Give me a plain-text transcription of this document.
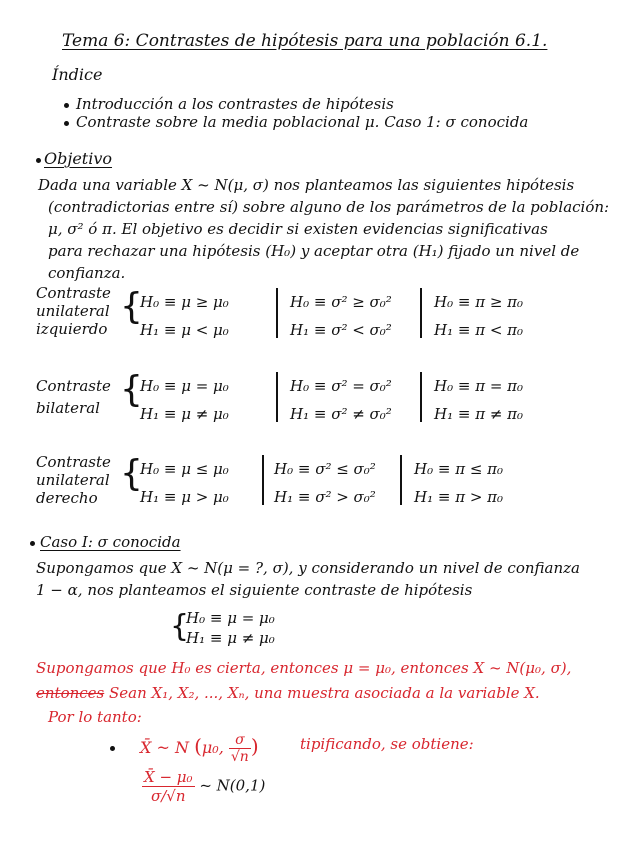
Tema 6: Contrastes de hipótesis para una población 6.1.
Índice
Introducción a los contrastes de hipótesis
Contraste sobre la media poblacional μ. Caso 1: σ conocida
Objetivo
Dada una variable X ~ N(μ, σ) nos planteamos las siguientes hipótesis
(contradictorias entre sí) sobre alguno de los parámetros de la población:
μ, σ² ó π. El objetivo es decidir si existen evidencias significativas
para rechazar una hipótesis (H₀) y aceptar otra (H₁) fijado un nivel de
confianza.
Contraste
unilateral
izquierdo
{
H₀ ≡ μ ≥ μ₀
H₁ ≡ μ < μ₀
H₀ ≡ σ² ≥ σ₀²
H₁ ≡ σ² < σ₀²
H₀ ≡ π ≥ π₀
H₁ ≡ π < π₀
Contraste
bilateral {
H₀ ≡ μ = μ₀
H₁ ≡ μ ≠ μ₀
H₀ ≡ σ² = σ₀²
H₁ ≡ σ² ≠ σ₀²
H₀ ≡ π = π₀
H₁ ≡ π ≠ π₀
Contraste
unilateral
derecho
{
H₀ ≡ μ ≤ μ₀
H₁ ≡ μ > μ₀
H₀ ≡ σ² ≤ σ₀²
H₁ ≡ σ² > σ₀²
H₀ ≡ π ≤ π₀
H₁ ≡ π > π₀
Caso I: σ conocida
Supongamos que X ~ N(μ = ?, σ), y considerando un nivel de confianza
1 − α, nos planteamos el siguiente contraste de hipótesis
{
H₀ ≡ μ = μ₀
H₁ ≡ μ ≠ μ₀
Supongamos que H₀ es cierta, entonces μ = μ₀, entonces X ~ N(μ₀, σ),
entonces Sean X₁, X₂, ..., Xₙ, una muestra asociada a la variable X.
Por lo tanto:
X̄ ~ N (μ₀, $\frac{\sigma}{√n}$ )	tipificando, se obtiene:
$\frac{\text{X̄ − μ₀}}{\sigma/√n}$ ~ N(0,1)
